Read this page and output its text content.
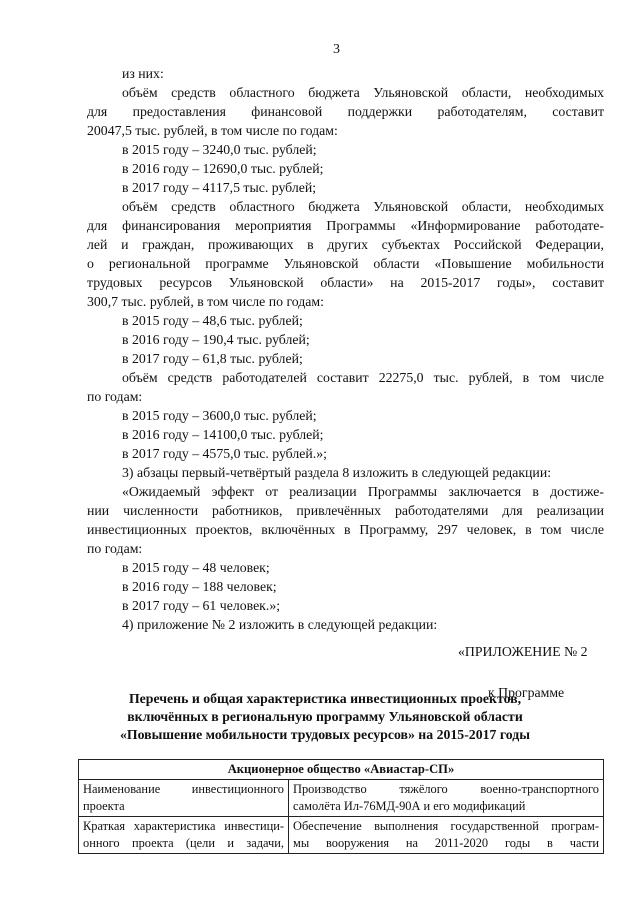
3
из них:
объём средств областного бюджета Ульяновской области, необходимых
для предоставления финансовой поддержки работодателям, составит
20047,5 тыс. рублей, в том числе по годам:
в 2015 году – 3240,0 тыс. рублей;
в 2016 году – 12690,0 тыс. рублей;
в 2017 году – 4117,5 тыс. рублей;
объём средств областного бюджета Ульяновской области, необходимых
для финансирования мероприятия Программы «Информирование работодате-
лей и граждан, проживающих в других субъектах Российской Федерации,
о региональной программе Ульяновской области «Повышение мобильности
трудовых ресурсов Ульяновской области» на 2015-2017 годы», составит
300,7 тыс. рублей, в том числе по годам:
в 2015 году – 48,6 тыс. рублей;
в 2016 году – 190,4 тыс. рублей;
в 2017 году – 61,8 тыс. рублей;
объём средств работодателей составит 22275,0 тыс. рублей, в том числе
по годам:
в 2015 году – 3600,0 тыс. рублей;
в 2016 году – 14100,0 тыс. рублей;
в 2017 году – 4575,0 тыс. рублей.»;
3) абзацы первый-четвёртый раздела 8 изложить в следующей редакции:
«Ожидаемый эффект от реализации Программы заключается в достиже-
нии численности работников, привлечённых работодателями для реализации
инвестиционных проектов, включённых в Программу, 297 человек, в том числе
по годам:
в 2015 году – 48 человек;
в 2016 году – 188 человек;
в 2017 году – 61 человек.»;
4) приложение № 2 изложить в следующей редакции:
«ПРИЛОЖЕНИЕ № 2
к Программе
Перечень и общая характеристика инвестиционных проектов,
включённых в региональную программу Ульяновской области
«Повышение мобильности трудовых ресурсов» на 2015-2017 годы
Акционерное общество «Авиастар-СП»	

Наименование инвестиционного
проекта	Производство тяжёлого военно-транспортного
самолёта Ил-76МД-90А и его модификаций

Краткая характеристика инвестици-
онного проекта (цели и задачи,	Обеспечение выполнения государственной програм-
мы вооружения на 2011-2020 годы в части
